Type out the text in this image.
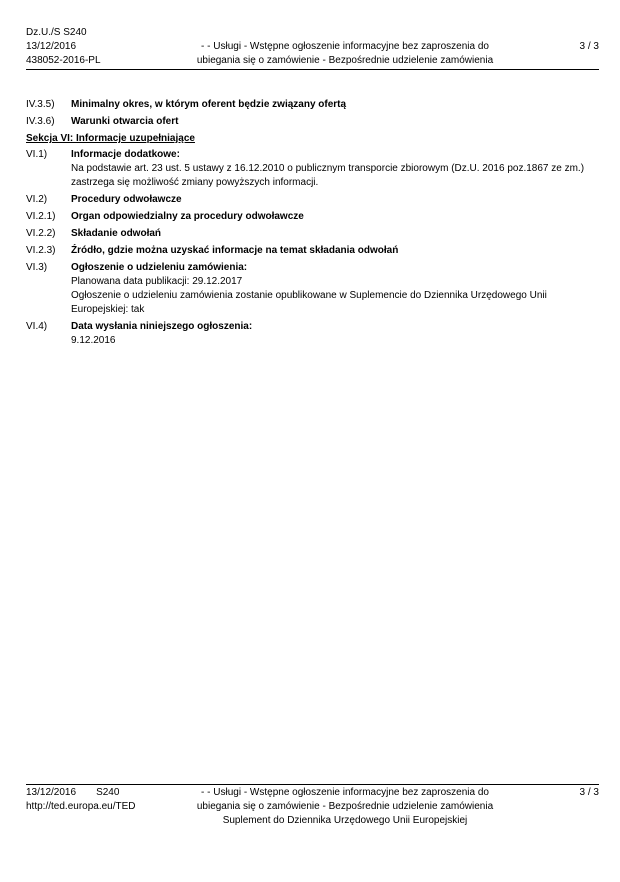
Dz.U./S S240
13/12/2016
438052-2016-PL
- - Usługi - Wstępne ogłoszenie informacyjne bez zaproszenia do
ubiegania się o zamówienie - Bezpośrednie udzielenie zamówienia
3 / 3
IV.3.5)	Minimalny okres, w którym oferent będzie związany ofertą
IV.3.6)	Warunki otwarcia ofert
Sekcja VI: Informacje uzupełniające
VI.1)	Informacje dodatkowe:

Na podstawie art. 23 ust. 5 ustawy z 16.12.2010 o publicznym transporcie zbiorowym (Dz.U. 2016 poz.1867 ze zm.) zastrzega się możliwość zmiany powyższych informacji.

VI.2)	Procedury odwoławcze
VI.2.1)	Organ odpowiedzialny za procedury odwoławcze
VI.2.2)	Składanie odwołań
VI.2.3)	Źródło, gdzie można uzyskać informacje na temat składania odwołań
VI.3)	Ogłoszenie o udzieleniu zamówienia:
Planowana data publikacji: 29.12.2017
Ogłoszenie o udzieleniu zamówienia zostanie opublikowane w Suplemencie do Dziennika Urzędowego Unii Europejskiej: tak
VI.4)	Data wysłania niniejszego ogłoszenia:
9.12.2016
13/12/2016 S240
http://ted.europa.eu/TED
- - Usługi - Wstępne ogłoszenie informacyjne bez zaproszenia do
ubiegania się o zamówienie - Bezpośrednie udzielenie zamówienia
Suplement do Dziennika Urzędowego Unii Europejskiej
3 / 3
